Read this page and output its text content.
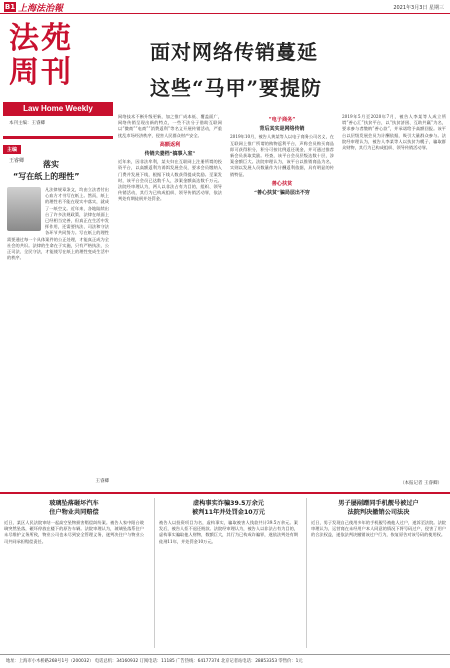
B1 上海法治報	2021年3月3日 星期三
法苑
周刊
Law Home Weekly
本刊主编：王睿卿
主编
王睿卿 落实
“写在纸上的理性”
凡法律规章条文，均由立法者付出心血方才书写在纸上。然而，纸上的理性若不能在现实中落实，就成了一纸空文。近年来，各地陆续出台了许多法规政策，法律在纸面上已经相当完善，但真正在生活中发挥作用，还需要执法、司法和守法各环节共同努力。写在纸上的理性需要通过每一个具体案件的公正处理，才能真正成为全社会的共识。法律的生命在于实施，只有严格执法、公正司法、全民守法，才能使写在纸上的理性变成生活中的秩序。
王睿卿
面对网络传销蔓延
这些“马甲”要提防

网络技术不断升级更新，加之推广成本低、覆盖面广，网络传销呈现出新的特点，一些不法分子借助互联网以“微商”“电商”“消费返利”等名义开展传销活动，严重扰乱市场经济秩序，侵害人民群众财产安全。

高额返利
传销夫妻档“搞事入室”

近年来，因非法牟利，某夫妇在互联网上注册所谓的投资平台，以高额返利为诱饵发展会员，要求会员缴纳入门费并发展下线，根据下线人数获得提成奖励。至案发时，该平台会员已达数千人，涉案金额高达数千万元。法院经审理认为，两人以非法占有为目的，组织、领导传销活动，其行为已构成组织、领导传销活动罪，依法判处有期徒刑并处罚金。

“电子商务”
背后其实是网络传销

2019年10月，被告人黄某等人以电子商务公司名义，在互联网上推广所谓的购物返利平台，声称会员购买商品即可获得积分，积分可按比例返还现金，并可通过推荐新会员获取奖励。经查，该平台会员层级达数十层，涉案金额巨大。法院审理认为，该平台以推销商品为名，实则以发展人员数量作为计酬返利依据，具有明显的传销特征。

善心扶贫
“善心扶贫”骗局层出不穷

2019年5月至2020年7月，被告人李某等人成立所谓“善心汇”扶贫平台，以“扶贫济困、互助共赢”为名，要求参与者缴纳“善心款”，并承诺给予高额回报。该平台以层级发展会员为计酬依据，吸引大量群众参与。法院经审理认为，被告人李某等人以扶贫为幌子，骗取群众财物，其行为已构成组织、领导传销活动罪。

（本报记者 王睿卿）
玻璃坠落砸坏汽车
住户物业共同赔偿
近日，某区人民法院审结一起高空坠物损害赔偿纠纷案。被告人家中阳台玻璃突然坠落，砸坏停放在楼下的原告车辆。法院审理认为，玻璃坠落系住户未尽维护义务所致，物业公司也未尽到安全管理义务，遂判决住户与物业公司共同承担赔偿责任。
虚构事实诈骗39.5万余元
被判11年并处罚金10万元
被告人以投资项目为名，虚构事实，骗取被害人钱款共计39.5万余元。案发后，被告人拒不退还赃款。法院经审理认为，被告人以非法占有为目的，虚构事实骗取他人财物，数额巨大，其行为已构成诈骗罪，遂依法判处有期徒刑11年，并处罚金10万元。
男子屡剐蹭同手机靓号被过户
法院判决撤销公司法决
近日，男子发现自己使用多年的手机靓号被他人过户，遂诉至法院。法院审理认为，运营商在未经用户本人同意的情况下将号码过户，侵害了用户的合法权益，遂依法判决撤销该过户行为，恢复原告对该号码的使用权。
地址：上海市小木桥路268号1号（200032） 电话总机：34160932 订阅电话：11185 广告热线：64177374 北京记者站电话：28853353 零售价：1元
